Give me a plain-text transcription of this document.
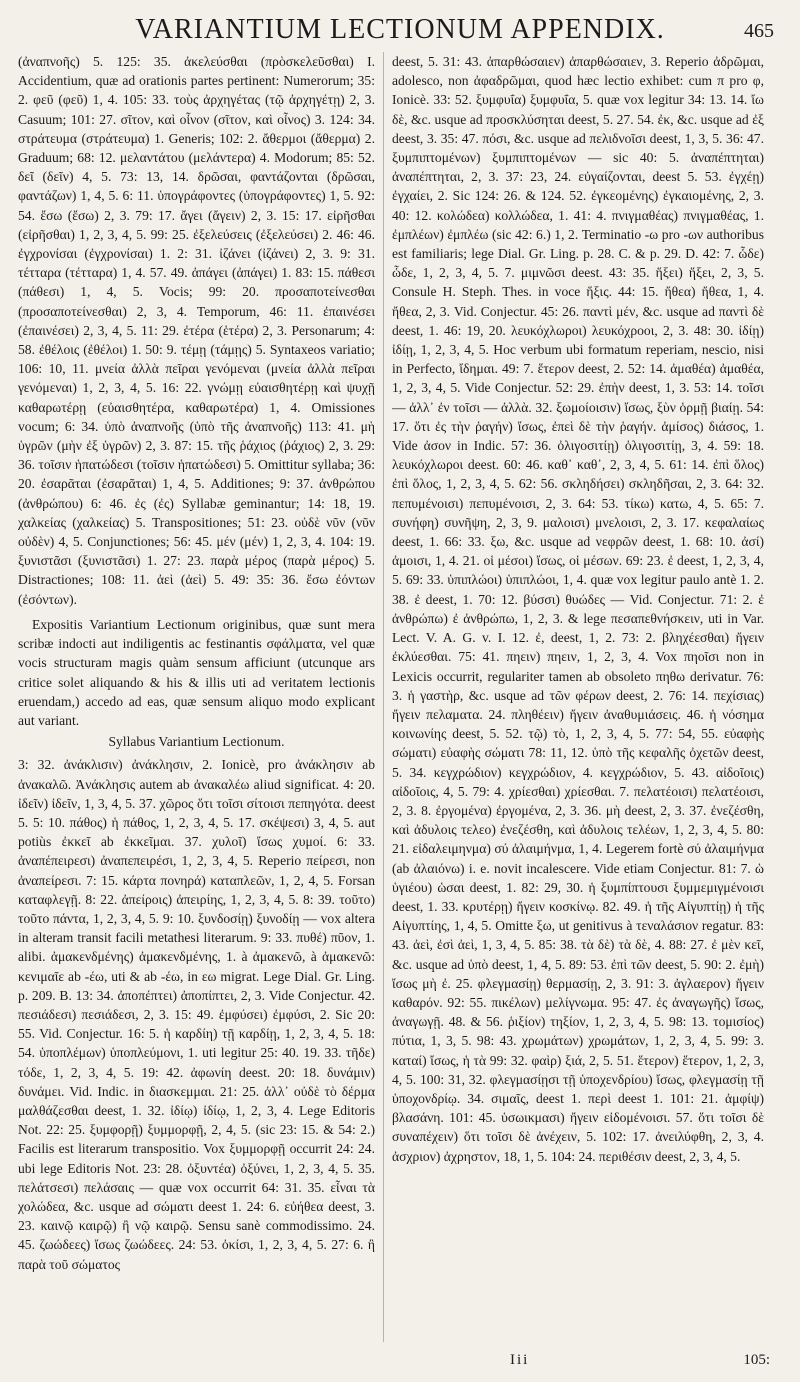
VARIANTIUM LECTIONUM APPENDIX.	465

(ἀναπνοῆς) 5. 125: 35. ἀκελεύσθαι (πρὸσκελεῦσθαι) I. Accidentium, quæ ad orationis partes pertinent: Numerorum; 35: 2. φεῦ (φεῦ) 1, 4. 105: 33. τοὺς ἀρχηγέτας (τῷ ἀρχηγέτῃ) 2, 3. Casuum; 101: 27. σῖτον, καὶ οἶνον (σῖτον, καὶ οἶνος) 3. 124: 34. στράτευμα (στράτευμα) 1. Generis; 102: 2. ἄθερμοι (ἄθερμα) 2. Graduum; 68: 12. μελαντάτου (μελάντερα) 4. Modorum; 85: 52. δεῖ (δεῖν) 4, 5. 73: 13, 14. δρῶσαι, φαντάζονται (δρῶσαι, φαντάζων) 1, 4, 5. 6: 11. ὑπογράφοντες (ὑπογράφοντες) 1, 5. 92: 54. ἔσω (ἔσω) 2, 3. 79: 17. ἄγει (ἄγειν) 2, 3. 15: 17. εἰρῆσθαι (εἰρῆσθαι) 1, 2, 3, 4, 5. 99: 25. ἐξελεύσεις (ἐξελεύσει) 2. 46: 46. ἐγχρονίσαι (ἐγχρονίσαι) 1. 2: 31. ἰζάνει (ἰζάνει) 2, 3. 9: 31. τέτταρα (τέτταρα) 1, 4. 57. 49. ἀπάγει (ἀπάγει) 1. 83: 15. πάθεσι (πάθεσι) 1, 4, 5. Vocis; 99: 20. προσαποτείνεσθαι (προσαποτείνεσθαι) 2, 3, 4. Temporum, 46: 11. ἐπαινέσει (ἐπαινέσει) 2, 3, 4, 5. 11: 29. ἐτέρα (ἑτέρα) 2, 3. Personarum; 4: 58. ἐθέλοις (ἐθέλοι) 1. 50: 9. τέμῃ (τάμῃς) 5. Syntaxeos variatio; 106: 10, 11. μνεία ἀλλὰ πεῖραι γενόμεναι (μνεία ἀλλὰ πεῖραι γενόμεναι) 1, 2, 3, 4, 5. 16: 22. γνώμῃ εὐαισθητέρῃ καὶ ψυχῇ καθαρωτέρῃ (εὐαισθητέρα, καθαρωτέρα) 1, 4. Omissiones vocum; 6: 34. ὑπὸ ἀναπνοῆς (ὑπὸ τῆς ἀναπνοῆς) 113: 41. μὴ ὑγρῶν (μὴν ἐξ ὑγρῶν) 2, 3. 87: 15. τῆς ῥάχιος (ῥάχιος) 2, 3. 29: 36. τοῖσιν ἡπατώδεσι (τοῖσιν ἡπατώδεσι) 5. Omittitur syllaba; 36: 20. ἐσαρᾶται (ἐσαρᾶται) 1, 4, 5. Additiones; 9: 37. ἀνθρώπου (ἀνθρώπου) 6: 46. ἐς (ἐς) Syllabæ geminantur; 14: 18, 19. χαλκείας (χαλκείας) 5. Transpositiones; 51: 23. οὐδὲ νῦν (νῦν οὐδὲν) 4, 5. Conjunctiones; 56: 45. μέν (μέν) 1, 2, 3, 4. 104: 19. ξυνιστᾶσι (ξυνιστᾶσι) 1. 27: 23. παρὰ μέρος (παρὰ μέρος) 5. Distractiones; 108: 11. ἀεὶ (ἀεὶ) 5. 49: 35: 36. ἔσω ἐόντων (ἐσόντων).

Expositis Variantium Lectionum originibus, quæ sunt mera scribæ indocti aut indiligentis ac festinantis σφάλματα, vel quæ vocis structuram magis quàm sensum afficiunt (utcunque ars critice solet aliquando & his & illis uti ad veritatem lectionis eruendam,) accedo ad eas, quæ sensum aliquo modo explicant aut variant.

Syllabus Variantium Lectionum.

3: 32. ἀνάκλισιν) ἀνάκλησιν, 2. Ionicè, pro ἀνάκλησιν ab ἀνακαλῶ. Ἀνάκλησις autem ab ἀνακαλέω aliud significat. 4: 20. ἰδεῖν) ἰδεῖν, 1, 3, 4, 5. 37. χῶρος ὅτι τοῖσι σίτοισι πεπηγότα. deest 5. 5: 10. πάθος) ἡ πάθος, 1, 2, 3, 4, 5. 17. σκέψεσι) 3, 4, 5. aut potiùs ἐκκεῖ ab ἐκκεῖμαι. 37. χυλοῖ) ἴσως χυμοί. 6: 33. ἀναπέπειρεσι) ἀναπεπειρέσι, 1, 2, 3, 4, 5. Reperio πείρεσι, non ἀναπείρεσι. 7: 15. κάρτα πονηρά) καταπλεῶν, 1, 2, 4, 5. Forsan καταφλεγῇ. 8: 22. ἀπείροις) ἀπειρίης, 1, 2, 3, 4, 5. 8: 39. τοῦτο) τοῦτο πάντα, 1, 2, 3, 4, 5. 9: 10. ξυνδοσίῃ) ξυνοδίῃ — vox altera in alteram transit facili metathesi literarum. 9: 33. πυθέ) πῦον, 1. alibi. ἀμακενδμένης) ἀμακενδμένης, 1. à ἀμακενῶ, à ἀμακενῶ: κενιμαῖε ab -έω, uti & ab -έω, in εω migrat. Lege Dial. Gr. Ling. p. 209. B. 13: 34. ἀποπέπτει) ἀποπίπτει, 2, 3. Vide Conjectur. 42. πεσιάδεσι) πεσιάδεσι, 2, 3. 15: 49. ἐμφύσει) ἐμφύσι, 2. Sic 20: 55. Vid. Conjectur. 16: 5. ἡ καρδίη) τῇ καρδίῃ, 1, 2, 3, 4, 5. 18: 54. ὑποπλέμων) ὑποπλεύμονι, 1. uti legitur 25: 40. 19. 33. τῆδε) τόδε, 1, 2, 3, 4, 5. 19: 42. ἀφωνίη deest. 20: 18. δυνάμιν) δυνάμει. Vid. Indic. in διασκεμμαι. 21: 25. ἀλλ᾽ οὐδὲ τὸ δέρμα μαλθάζεσθαι deest, 1. 32. ἰδίῳ) ἰδίῳ, 1, 2, 3, 4. Lege Editoris Not. 22: 25. ξυμφορῇ) ξυμμορφῇ, 2, 4, 5. (sic 23: 15. & 54: 2.) Facilis est literarum transpositio. Vox ξυμμορφῇ occurrit 24: 24. ubi lege Editoris Not. 23: 28. ὀξυντέα) ὀξύνει, 1, 2, 3, 4, 5. 35. πελάτσεσι) πελάσαις — quæ vox occurrit 64: 31. 35. εἶναι τὰ χολώδεα, &c. usque ad σώματι deest 1. 24: 6. εὐήθεα deest, 3. 23. καινῷ καιρῷ) ἢ νῷ καιρῷ. Sensu sanè commodissimo. 24. 45. ζωώδεες) ἴσως ζωώδεες. 24: 53. ὀκίσι, 1, 2, 3, 4, 5. 27: 6. ἢ παρὰ τοῦ σώματος

deest, 5. 31: 43. ἀπαρθώσαιεν) ἀπαρθώσαιεν, 3. Reperio ἀδρῶμαι, adolesco, non ἀφαδρῶμαι, quod hæc lectio exhibet: cum π pro φ, Ionicè. 33: 52. ξυμφυΐα) ξυμφυΐα, 5. quæ vox legitur 34: 13. 14. ἴω δὲ, &c. usque ad προσκλύσηται deest, 5. 27. 54. ἐκ, &c. usque ad ἐξ deest, 3. 35: 47. πόσι, &c. usque ad πελιδνοῖσι deest, 1, 3, 5. 36: 47. ξυμπιπτομένων) ξυμπιπτομένων — sic 40: 5. ἀναπέπτηται) ἀναπέπτηται, 2, 3. 37: 23, 24. εὐγαίζονται, deest 5. 53. ἐγχέῃ) ἐγχαίει, 2. Sic 124: 26. & 124. 52. ἐγκεομένης) ἐγκαιομένης, 2, 3. 40: 12. κολώδεα) κολλώδεα, 1. 41: 4. πνιγμαθέας) πνιγμαθέας, 1. ἐμπλέων) ἐμπλέω (sic 42: 6.) 1, 2. Terminatio -ω pro -ων authoribus est familiaris; lege Dial. Gr. Ling. p. 28. C. & p. 29. D. 42: 7. ὧδε) ὧδε, 1, 2, 3, 4, 5. 7. μιμνῶσι deest. 43: 35. ἥξει) ἥξει, 2, 3, 5. Consule H. Steph. Thes. in voce ἥξις. 44: 15. ἤθεα) ἤθεα, 1, 4. ἤθεα, 2, 3. Vid. Conjectur. 45: 26. παντὶ μέν, &c. usque ad παντὶ δὲ deest, 1. 46: 19, 20. λευκόχλωροι) λευκόχροοι, 2, 3. 48: 30. ἰδίῃ) ἰδίῃ, 1, 2, 3, 4, 5. Hoc verbum ubi formatum reperiam, nescio, nisi in Perfecto, ἴδημαι. 49: 7. ἕτερον deest, 2. 52: 14. ἀμαθέα) ἀμαθέα, 1, 2, 3, 4, 5. Vide Conjectur. 52: 29. ἐπὴν deest, 1, 3. 53: 14. τοῖσι — ἀλλ᾽ ἐν τοῖσι — ἀλλὰ. 32. ξωμοίοισιν) ἴσως, ξὺν ὁρμῇ βιαίῃ. 54: 17. ὅτι ἐς τὴν ῥαγήν) ἴσως, ἐπεὶ δὲ τὴν ῥαγήν. ἀμίσος) διάσος, 1. Vide ἀσον in Indic. 57: 36. ὀλιγοσιτίῃ) ὀλιγοσιτίῃ, 3, 4. 59: 18. λευκόχλωροι deest. 60: 46. καθ᾽ καθ᾽, 2, 3, 4, 5. 61: 14. ἐπὶ ὅλος) ἐπὶ ὅλος, 1, 2, 3, 4, 5. 62: 56. σκληδήσει) σκληδῆσαι, 2, 3. 64: 32. πεπυμένοισι) πεπυμένοισι, 2, 3. 64: 53. τίκω) κατω, 4, 5. 65: 7. συνήφη) συνῆψη, 2, 3, 9. μαλοισι) μνελοισι, 2, 3. 17. κεφαλαίως deest, 1. 66: 33. ξω, &c. usque ad νεφρῶν deest, 1. 68: 10. ἀσί) ἀμοισι, 1, 4. 21. οἱ μέσοι) ἴσως, οἱ μέσων. 69: 23. ἐ deest, 1, 2, 3, 4, 5. 69: 33. ὑπιπλώοι) ὑπιπλώοι, 1, 4. quæ vox legitur paulo antè 1. 2. 38. ἐ deest, 1. 70: 12. βύσσι) θυώδες — Vid. Conjectur. 71: 2. ἐ ἀνθρώπω) ἐ ἀνθρώπω, 1, 2, 3. & lege πεσαπεθνήσκειν, uti in Var. Lect. V. A. G. v. I. 12. ἐ, deest, 1, 2. 73: 2. βληχέεσθαι) ἤγειν ἐκλύεσθαι. 75: 41. πηειν) πηειν, 1, 2, 3, 4. Vox πηοῖσι non in Lexicis occurrit, regulariter tamen ab obsoleto πηθω derivatur. 76: 3. ἡ γαστὴρ, &c. usque ad τῶν φέρων deest, 2. 76: 14. πεχίσιας) ἤγειν πελαματα. 24. πληθέειν) ἤγειν ἀναθυμιάσεις. 46. ἡ νόσημα κοινωνίης deest, 5. 52. τῷ) τὸ, 1, 2, 3, 4, 5. 77: 54, 55. εὐαφὴς σώματι) εὐαφὴς σώματι 78: 11, 12. ὑπὸ τῆς κεφαλῆς ὀχετῶν deest, 5. 34. κεγχρώδιον) κεγχρώδιον, 4. κεγχρώδιον, 5. 43. αἰδοῖοις) αἰδοῖοις, 4, 5. 79: 4. χρίεσθαι) χρίεσθαι. 7. πελατέοισι) πελατέοισι, 2, 3. 8. ἐργομένα) ἐργομένα, 2, 3. 36. μὴ deest, 2, 3. 37. ἐνεζέσθη, καὶ ἀδυλοις τελεο) ἐνεζέσθη, καὶ ἀδυλοις τελέων, 1, 2, 3, 4, 5. 80: 21. εἰδαλειμηνμα) σύ ἀλαιμήνμα, 1, 4. Legerem fortè σύ ἀλαιμήνμα (ab ἀλαιόνω) i. e. novit incalescere. Vide etiam Conjectur. 81: 7. ὡ ὑγιέου) ὡσαι deest, 1. 82: 29, 30. ἡ ξυμπίπτουσι ξυμμεμιγμένοισι deest, 1. 33. κρυτέρῃ) ἤγειν κοσκίνῳ. 82. 49. ἡ τῆς Αἰγυπτίῃ) ἡ τῆς Αἰγυπτίης, 1, 4, 5. Omitte ξω, ut genitivus à τεναλάσιον regatur. 83: 43. ἀεὶ, ἐσὶ ἀεὶ, 1, 3, 4, 5. 85: 38. τὰ δὲ) τὰ δὲ, 4. 88: 27. ἐ μὲν κεῖ, &c. usque ad ὑπὸ deest, 1, 4, 5. 89: 53. ἐπὶ τῶν deest, 5. 90: 2. ἐμὴ) ἴσως μὴ ἐ. 25. φλεγμασίῃ) θερμασίῃ, 2, 3. 91: 3. ἀγλαερον) ἤγειν καθαρόν. 92: 55. πικέλων) μελίγνωμα. 95: 47. ἐς ἀναγωγῆς) ἴσως, ἀναγωγῇ. 48. & 56. ῥιξίον) τηξίον, 1, 2, 3, 4, 5. 98: 13. τομισίος) πύτια, 1, 3, 5. 98: 43. χρωμάτων) χρωμάτων, 1, 2, 3, 4, 5. 99: 3. καταί) ἴσως, ἡ τὰ 99: 32. φαὶρ) ξιά, 2, 5. 51. ἕτερον) ἕτερον, 1, 2, 3, 4, 5. 100: 31, 32. φλεγμασίῃσι τῇ ὑποχενδρίου) ἴσως, φλεγμασίῃ τῇ ὑποχονδρίῳ. 34. σιμαῖς, deest 1. περὶ deest 1. 101: 21. ἀμφίψ) βλασάνη. 101: 45. ὑσωικμασι) ἤγειν εἰδομένοισι. 57. ὅτι τοῖσι δὲ συναπέχειν) ὅτι τοῖσι δὲ ἀνέχειν, 5. 102: 17. ἀνειλύφθη, 2, 3, 4. ἀσχριον) ἀχρηστον, 18, 1, 5. 104: 24. περιθέσιν deest, 2, 3, 4, 5.

Iii	105:
